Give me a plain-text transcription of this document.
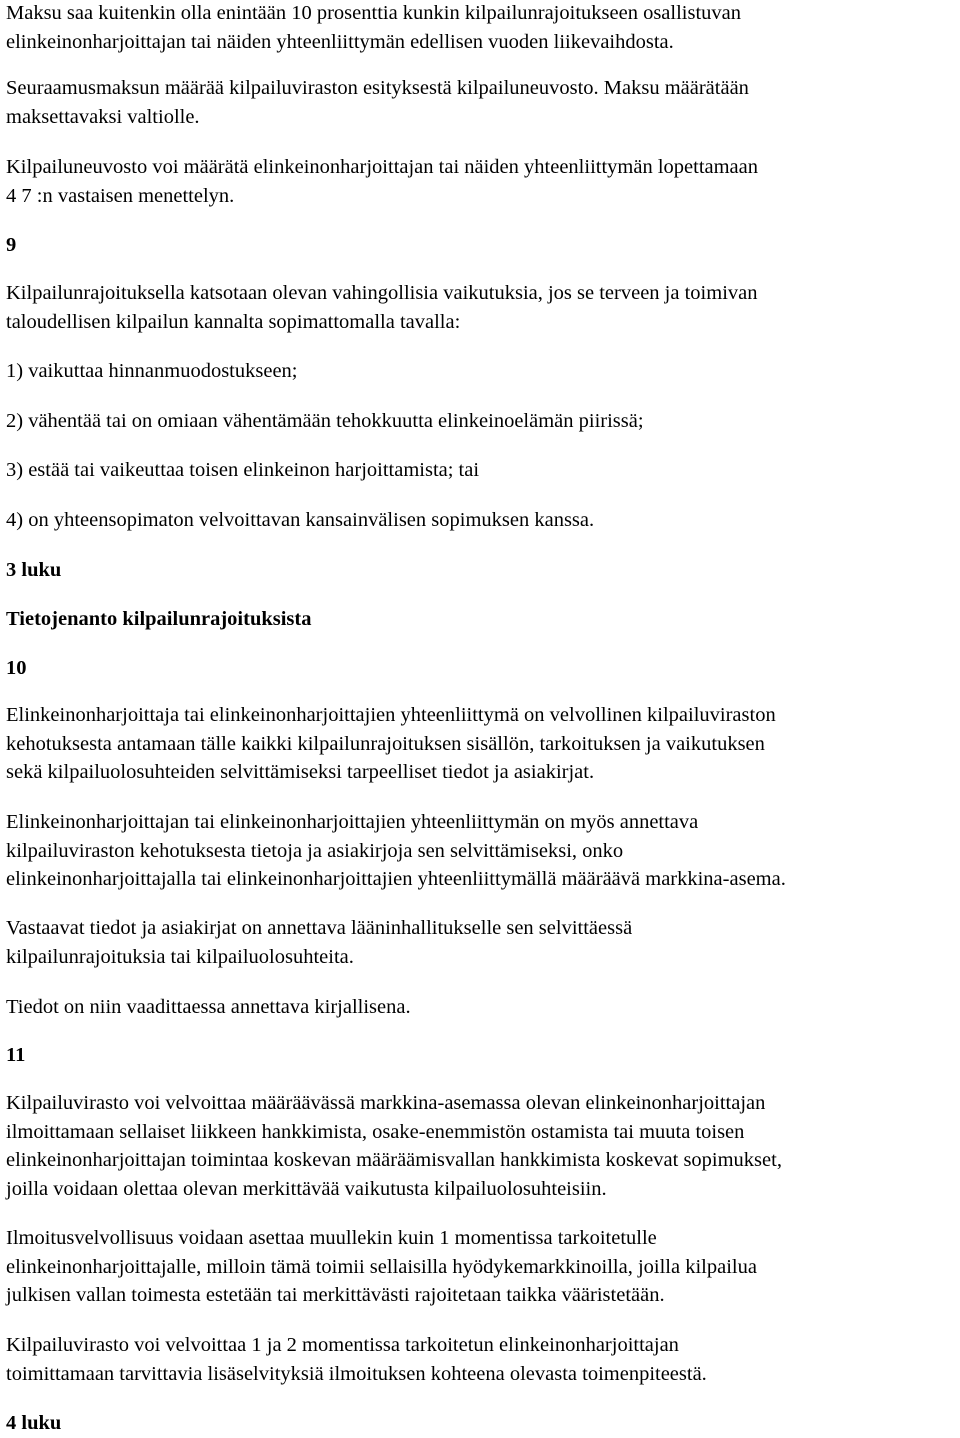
Maksu saa kuitenkin olla enintään 10 prosenttia kunkin kilpailunrajoitukseen osallistuvan
elinkeinonharjoittajan tai näiden yhteenliittymän edellisen vuoden liikevaihdosta.

Seuraamusmaksun määrää kilpailuviraston esityksestä kilpailuneuvosto. Maksu määrätään
maksettavaksi valtiolle.

Kilpailuneuvosto voi määrätä elinkeinonharjoittajan tai näiden yhteenliittymän lopettamaan
4 7 :n vastaisen menettelyn.

9

Kilpailunrajoituksella katsotaan olevan vahingollisia vaikutuksia, jos se terveen ja toimivan
taloudellisen kilpailun kannalta sopimattomalla tavalla:

1) vaikuttaa hinnanmuodostukseen;

2) vähentää tai on omiaan vähentämään tehokkuutta elinkeinoelämän piirissä;

3) estää tai vaikeuttaa toisen elinkeinon harjoittamista; tai

4) on yhteensopimaton velvoittavan kansainvälisen sopimuksen kanssa.

3 luku

Tietojenanto kilpailunrajoituksista

10

Elinkeinonharjoittaja tai elinkeinonharjoittajien yhteenliittymä on velvollinen kilpailuviraston
kehotuksesta antamaan tälle kaikki kilpailunrajoituksen sisällön, tarkoituksen ja vaikutuksen
sekä kilpailuolosuhteiden selvittämiseksi tarpeelliset tiedot ja asiakirjat.

Elinkeinonharjoittajan tai elinkeinonharjoittajien yhteenliittymän on myös annettava
kilpailuviraston kehotuksesta tietoja ja asiakirjoja sen selvittämiseksi, onko
elinkeinonharjoittajalla tai elinkeinonharjoittajien yhteenliittymällä määräävä markkina-asema.

Vastaavat tiedot ja asiakirjat on annettava lääninhallitukselle sen selvittäessä
kilpailunrajoituksia tai kilpailuolosuhteita.

Tiedot on niin vaadittaessa annettava kirjallisena.

11

Kilpailuvirasto voi velvoittaa määräävässä markkina-asemassa olevan elinkeinonharjoittajan
ilmoittamaan sellaiset liikkeen hankkimista, osake-enemmistön ostamista tai muuta toisen
elinkeinonharjoittajan toimintaa koskevan määräämisvallan hankkimista koskevat sopimukset,
joilla voidaan olettaa olevan merkittävää vaikutusta kilpailuolosuhteisiin.

Ilmoitusvelvollisuus voidaan asettaa muullekin kuin 1 momentissa tarkoitetulle
elinkeinonharjoittajalle, milloin tämä toimii sellaisilla hyödykemarkkinoilla, joilla kilpailua
julkisen vallan toimesta estetään tai merkittävästi rajoitetaan taikka vääristetään.

Kilpailuvirasto voi velvoittaa 1 ja 2 momentissa tarkoitetun elinkeinonharjoittajan
toimittamaan tarvittavia lisäselvityksiä ilmoituksen kohteena olevasta toimenpiteestä.

4 luku
